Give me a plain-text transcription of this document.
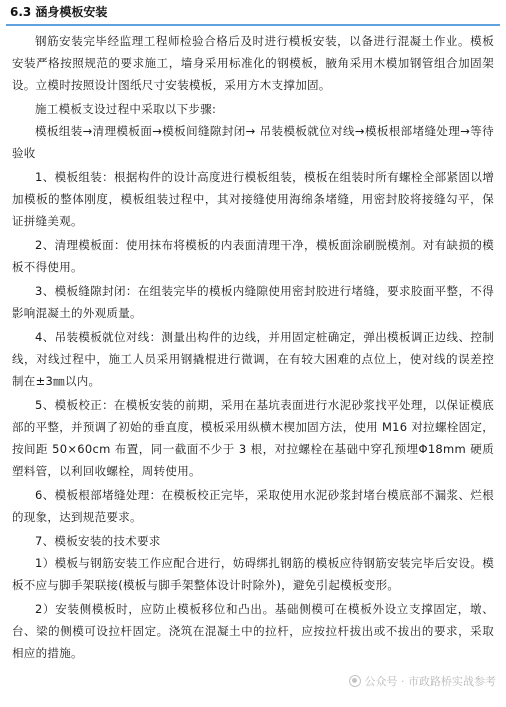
6.3 涵身模板安装

钢筋安装完毕经监理工程师检验合格后及时进行模板安装，以备进行混凝土作业。模板安装严格按照规范的要求施工，墙身采用标准化的钢模板，腋角采用木模加钢管组合加固架设。立模时按照设计图纸尺寸安装模板，采用方木支撑加固。

施工模板支设过程中采取以下步骤:

模板组装→清理模板面→模板间缝隙封闭→ 吊装模板就位对线→模板根部堵缝处理→等待验收

1、模板组装：根据构件的设计高度进行模板组装，模板在组装时所有螺栓全部紧固以增加模板的整体刚度，模板组装过程中，其对接缝使用海绵条堵缝，用密封胶将接缝勾平，保证拼缝美观。

2、清理模板面：使用抹布将模板的内表面清理干净，模板面涂刷脱模剂。对有缺损的模板不得使用。

3、模板缝隙封闭：在组装完毕的模板内缝隙使用密封胶进行堵缝，要求胶面平整，不得影响混凝土的外观质量。

4、吊装模板就位对线：测量出构件的边线，并用固定桩确定，弹出模板调正边线、控制线，对线过程中，施工人员采用钢撬棍进行微调，在有较大困难的点位上，使对线的误差控制在±3㎜以内。

5、模板校正：在模板安装的前期，采用在基坑表面进行水泥砂浆找平处理，以保证模底部的平整，并预调了初始的垂直度，模板采用纵横木楔加固方法，使用 M16 对拉螺栓固定，按间距 50×60cm 布置，同一截面不少于 3 根，对拉螺栓在基础中穿孔预埋Φ18mm 硬质塑料管，以利回收螺栓，周转使用。

6、模板根部堵缝处理：在模板校正完毕，采取使用水泥砂浆封堵台模底部不漏浆、烂根的现象，达到规范要求。

7、模板安装的技术要求

1）模板与钢筋安装工作应配合进行，妨碍绑扎钢筋的模板应待钢筋安装完毕后安设。模板不应与脚手架联接(模板与脚手架整体设计时除外)，避免引起模板变形。

2）安装侧模板时，应防止模板移位和凸出。基础侧模可在模板外设立支撑固定，墩、台、梁的侧模可设拉杆固定。浇筑在混凝土中的拉杆，应按拉杆拔出或不拔出的要求，采取相应的措施。

公众号 · 市政路桥实战参考
